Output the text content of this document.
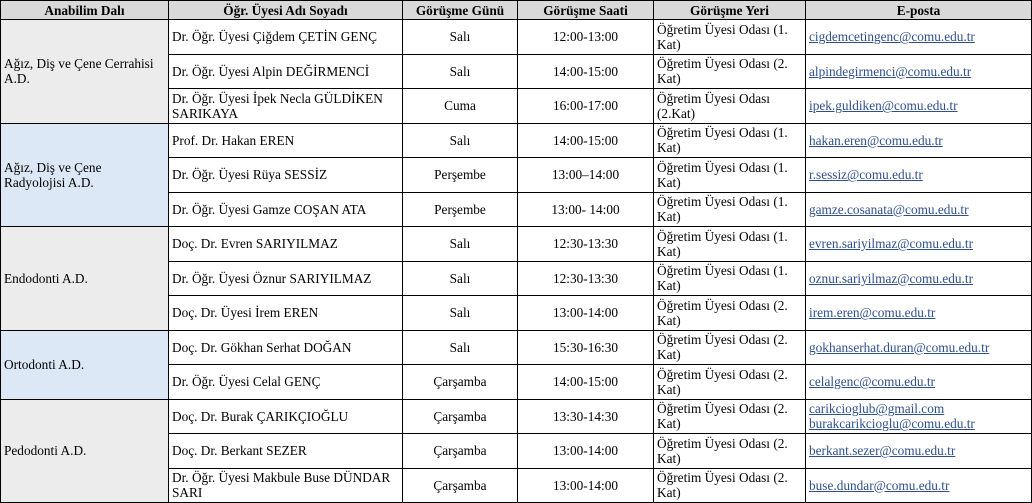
Anabilim Dalı	Öğr. Üyesi Adı Soyadı	Görüşme Günü	Görüşme Saati	Görüşme Yeri	E-posta
Ağız, Diş ve Çene Cerrahisi A.D.	Dr. Öğr. Üyesi Çiğdem ÇETİN GENÇ	Salı	12:00-13:00	Öğretim Üyesi Odası (1. Kat)	cigdemcetingenc@comu.edu.tr

	Dr. Öğr. Üyesi Alpin DEĞİRMENCİ	Salı	14:00-15:00	Öğretim Üyesi Odası (2. Kat)	alpindegirmenci@comu.edu.tr

	Dr. Öğr. Üyesi İpek Necla GÜLDİKEN SARIKAYA	Cuma	16:00-17:00	Öğretim Üyesi Odası (2.Kat)	ipek.guldiken@comu.edu.tr

Ağız, Diş ve Çene Radyolojisi A.D.	Prof. Dr. Hakan EREN	Salı	14:00-15:00	Öğretim Üyesi Odası (1. Kat)	hakan.eren@comu.edu.tr

	Dr. Öğr. Üyesi Rüya SESSİZ	Perşembe	13:00–14:00	Öğretim Üyesi Odası (1. Kat)	r.sessiz@comu.edu.tr

	Dr. Öğr. Üyesi Gamze COŞAN ATA	Perşembe	13:00- 14:00	Öğretim Üyesi Odası (1. Kat)	gamze.cosanata@comu.edu.tr

Endodonti A.D.	Doç. Dr. Evren SARIYILMAZ	Salı	12:30-13:30	Öğretim Üyesi Odası (1. Kat)	evren.sariyilmaz@comu.edu.tr

	Dr. Öğr. Üyesi Öznur SARIYILMAZ	Salı	12:30-13:30	Öğretim Üyesi Odası (1. Kat)	oznur.sariyilmaz@comu.edu.tr

	Doç. Dr. Üyesi İrem EREN	Salı	13:00-14:00	Öğretim Üyesi Odası (2. Kat)	irem.eren@comu.edu.tr

Ortodonti A.D.	Doç. Dr. Gökhan Serhat DOĞAN	Salı	15:30-16:30	Öğretim Üyesi Odası (2. Kat)	gokhanserhat.duran@comu.edu.tr

	Dr. Öğr. Üyesi Celal GENÇ	Çarşamba	14:00-15:00	Öğretim Üyesi Odası (2. Kat)	celalgenc@comu.edu.tr

Pedodonti A.D.	Doç. Dr. Burak ÇARIKÇIOĞLU	Çarşamba	13:30-14:30	Öğretim Üyesi Odası (2. Kat)	carikcioglub@gmail.com
burakcarikcioglu@comu.edu.tr

	Doç. Dr. Berkant SEZER	Çarşamba	13:00-14:00	Öğretim Üyesi Odası (2. Kat)	berkant.sezer@comu.edu.tr

	Dr. Öğr. Üyesi Makbule Buse DÜNDAR SARI	Çarşamba	13:00-14:00	Öğretim Üyesi Odası (2. Kat)	buse.dundar@comu.edu.tr
